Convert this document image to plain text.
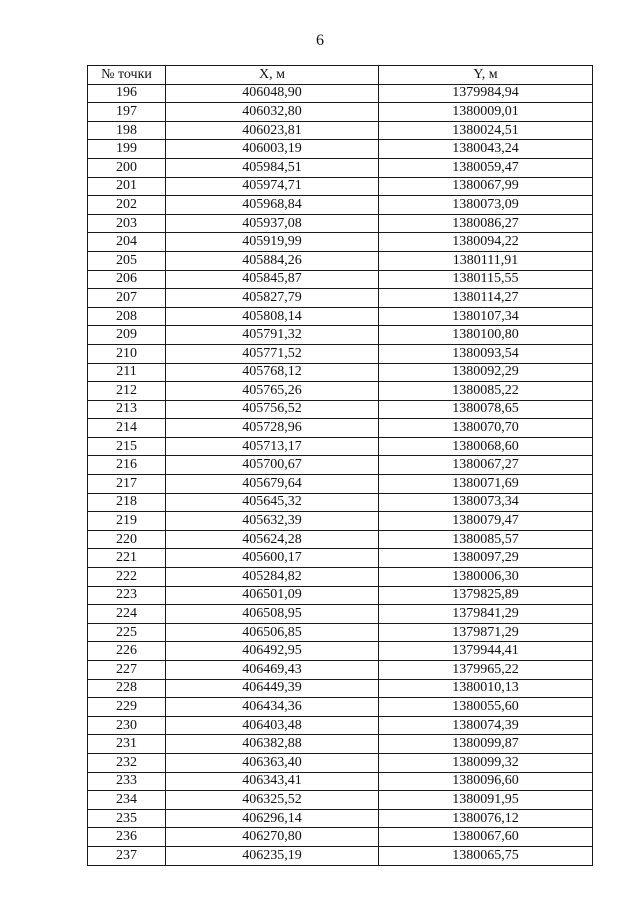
6
№ точки	X, м	Y, м
196	406048,90	1379984,94
197	406032,80	1380009,01
198	406023,81	1380024,51
199	406003,19	1380043,24
200	405984,51	1380059,47
201	405974,71	1380067,99
202	405968,84	1380073,09
203	405937,08	1380086,27
204	405919,99	1380094,22
205	405884,26	1380111,91
206	405845,87	1380115,55
207	405827,79	1380114,27
208	405808,14	1380107,34
209	405791,32	1380100,80
210	405771,52	1380093,54
211	405768,12	1380092,29
212	405765,26	1380085,22
213	405756,52	1380078,65
214	405728,96	1380070,70
215	405713,17	1380068,60
216	405700,67	1380067,27
217	405679,64	1380071,69
218	405645,32	1380073,34
219	405632,39	1380079,47
220	405624,28	1380085,57
221	405600,17	1380097,29
222	405284,82	1380006,30
223	406501,09	1379825,89
224	406508,95	1379841,29
225	406506,85	1379871,29
226	406492,95	1379944,41
227	406469,43	1379965,22
228	406449,39	1380010,13
229	406434,36	1380055,60
230	406403,48	1380074,39
231	406382,88	1380099,87
232	406363,40	1380099,32
233	406343,41	1380096,60
234	406325,52	1380091,95
235	406296,14	1380076,12
236	406270,80	1380067,60
237	406235,19	1380065,75
